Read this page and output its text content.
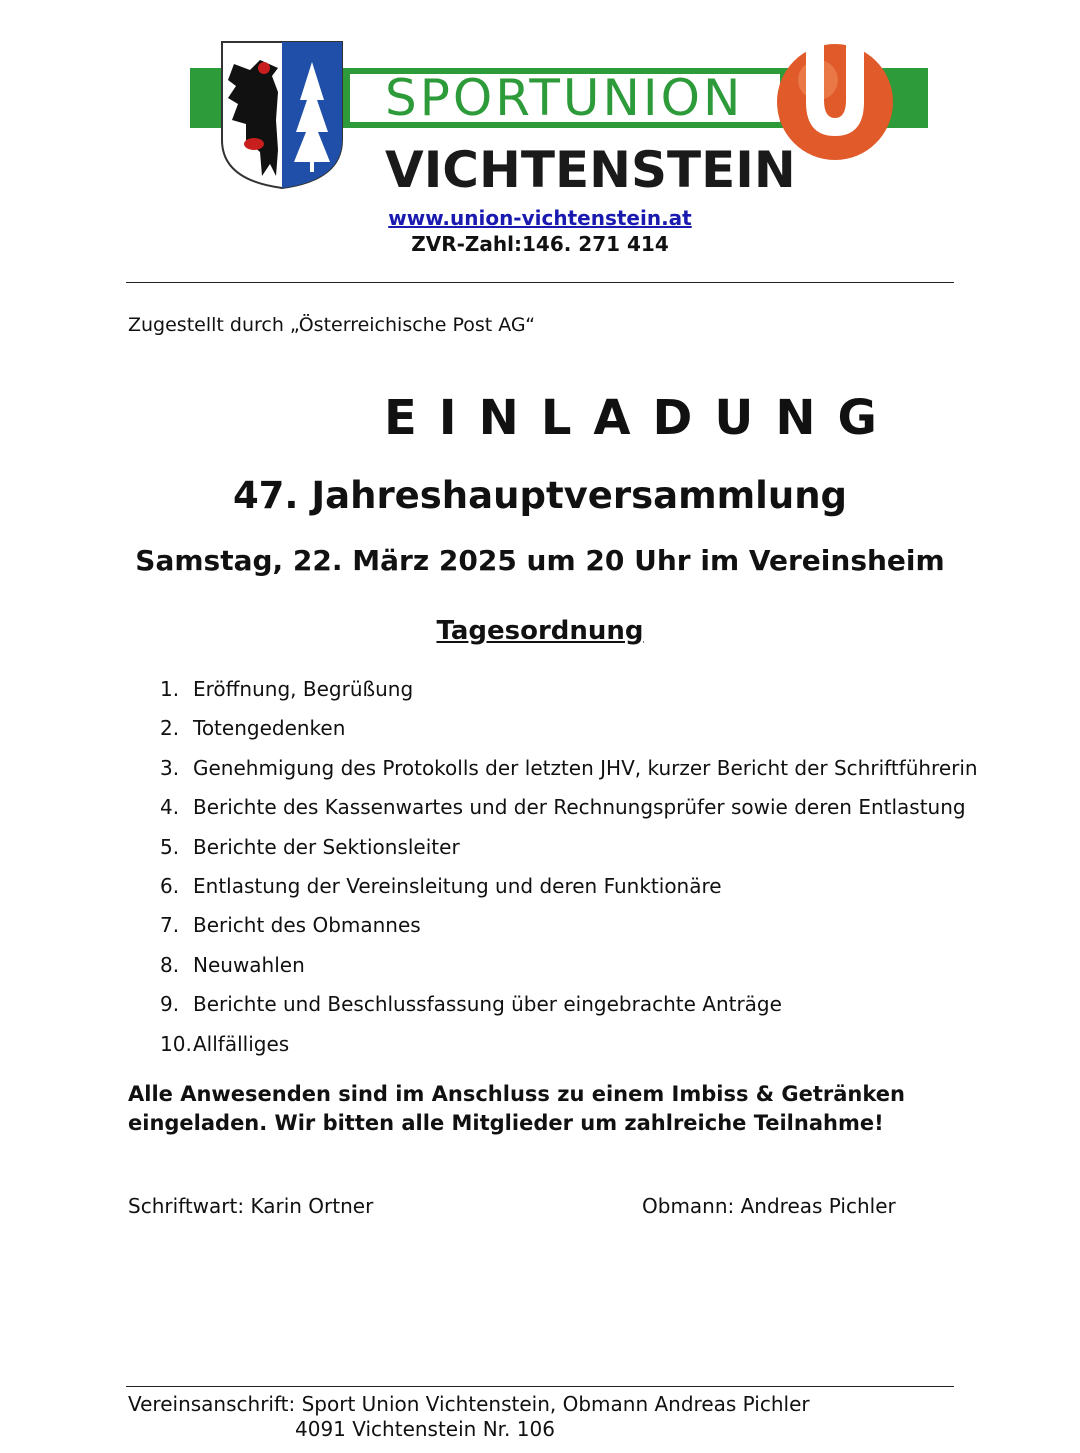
SPORTUNION
VICHTENSTEIN
www.union-vichtenstein.at
ZVR-Zahl:146. 271 414
Zugestellt durch „Österreichische Post AG“
EINLADUNG
47. Jahreshauptversammlung
Samstag, 22. März 2025 um 20 Uhr im Vereinsheim
Tagesordnung
1. Eröffnung, Begrüßung
2. Totengedenken
3. Genehmigung des Protokolls der letzten JHV, kurzer Bericht der Schriftführerin
4. Berichte des Kassenwartes und der Rechnungsprüfer sowie deren Entlastung
5. Berichte der Sektionsleiter
6. Entlastung der Vereinsleitung und deren Funktionäre
7. Bericht des Obmannes
8. Neuwahlen
9. Berichte und Beschlussfassung über eingebrachte Anträge
10. Allfälliges
Alle Anwesenden sind im Anschluss zu einem Imbiss & Getränken eingeladen. Wir bitten alle Mitglieder um zahlreiche Teilnahme!
Schriftwart: Karin Ortner	Obmann: Andreas Pichler
Vereinsanschrift: Sport Union Vichtenstein, Obmann Andreas Pichler
4091 Vichtenstein Nr. 106
